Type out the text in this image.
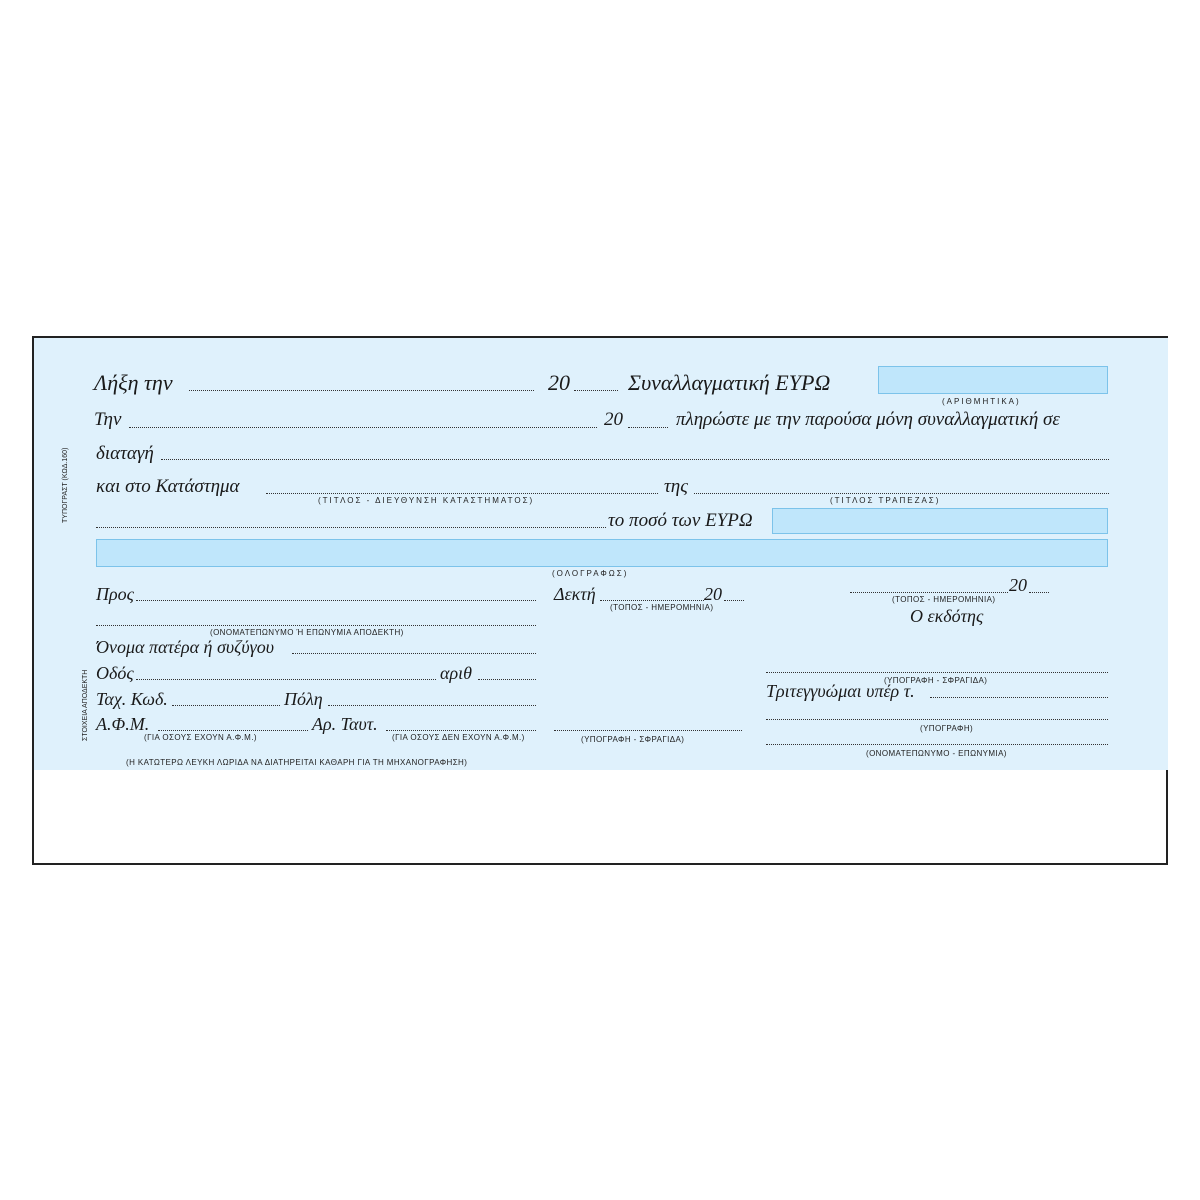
ΤΥΠΟΓΡΑΣΤ (ΚΩΔ.160)
ΣΤΟΙΧΕΙΑ ΑΠΟΔΕΚΤΗ
Λήξη την	20	Συναλλαγματική ΕΥΡΩ
(ΑΡΙΘΜΗΤΙΚΑ)
Την	20	πληρώστε με την παρούσα μόνη συναλλαγματική σε
διαταγή
και στο Κατάστημα
(ΤΙΤΛΟΣ - ΔΙΕΥΘΥΝΣΗ ΚΑΤΑΣΤΗΜΑΤΟΣ)
της
(ΤΙΤΛΟΣ ΤΡΑΠΕΖΑΣ)
το ποσό των ΕΥΡΩ
(ΟΛΟΓΡΑΦΩΣ)
Προς
(ΟΝΟΜΑΤΕΠΩΝΥΜΟ Ή ΕΠΩΝΥΜΙΑ ΑΠΟΔΕΚΤΗ)
Όνομα πατέρα ή συζύγου
Οδός	αριθ
Ταχ. Κωδ.	Πόλη
Α.Φ.Μ.
(ΓΙΑ ΟΣΟΥΣ ΕΧΟΥΝ Α.Φ.Μ.)
Αρ. Ταυτ.
(ΓΙΑ ΟΣΟΥΣ ΔΕΝ ΕΧΟΥΝ Α.Φ.Μ.)
Δεκτή	20
(ΤΟΠΟΣ - ΗΜΕΡΟΜΗΝΙΑ)
(ΥΠΟΓΡΑΦΗ - ΣΦΡΑΓΙΔΑ)
20
(ΤΟΠΟΣ - ΗΜΕΡΟΜΗΝΙΑ)
Ο εκδότης
(ΥΠΟΓΡΑΦΗ - ΣΦΡΑΓΙΔΑ)
Τριτεγγυώμαι υπέρ τ.
(ΥΠΟΓΡΑΦΗ)
(ΟΝΟΜΑΤΕΠΩΝΥΜΟ - ΕΠΩΝΥΜΙΑ)
(Η ΚΑΤΩΤΕΡΩ ΛΕΥΚΗ ΛΩΡΙΔΑ ΝΑ ΔΙΑΤΗΡΕΙΤΑΙ ΚΑΘΑΡΗ ΓΙΑ ΤΗ ΜΗΧΑΝΟΓΡΑΦΗΣΗ)
